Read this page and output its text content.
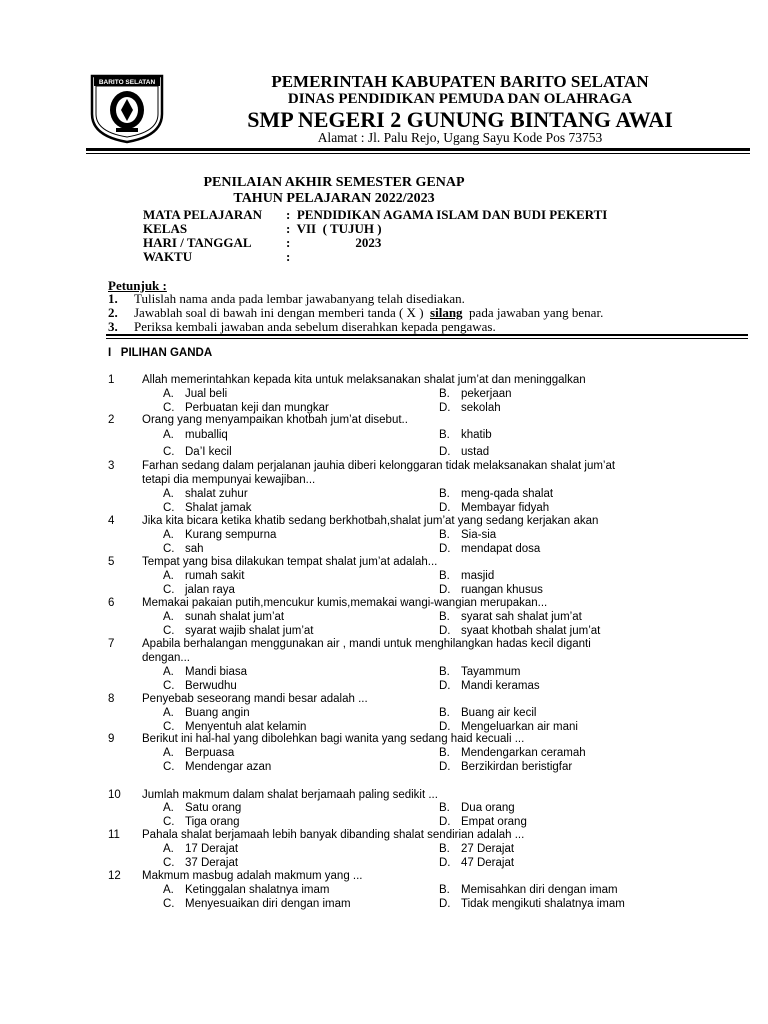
BARITO SELATAN	PEMERINTAH KABUPATEN BARITO SELATAN
DINAS PENDIDIKAN PEMUDA DAN OLAHRAGA
SMP NEGERI 2 GUNUNG BINTANG AWAI
Alamat : Jl. Palu Rejo, Ugang Sayu Kode Pos 73753
PENILAIAN AKHIR SEMESTER GENAP
TAHUN PELAJARAN 2022/2023
MATA PELAJARAN :  PENDIDIKAN AGAMA ISLAM DAN BUDI PEKERTI
KELAS	:  VII  ( TUJUH )
HARI / TANGGAL	:                    2023
WAKTU	:
Petunjuk :
1. Tulislah nama anda pada lembar jawabanyang telah disediakan.
2. Jawablah soal di bawah ini dengan memberi tanda ( X )  silang  pada jawaban yang benar.
3. Periksa kembali jawaban anda sebelum diserahkan kepada pengawas.
I   PILIHAN GANDA
1 Allah memerintahkan kepada kita untuk melaksanakan shalat jum’at dan meninggalkan
A. Jual beli	B. pekerjaan
C. Perbuatan keji dan mungkar	D. sekolah
2 Orang yang menyampaikan khotbah jum’at disebut..
A. muballiq	B. khatib
C. Da’I kecil	D. ustad
3 Farhan sedang dalam perjalanan jauhia diberi kelonggaran tidak melaksanakan shalat jum’at
tetapi dia mempunyai kewajiban...
A. shalat zuhur	B. meng-qada shalat
C. Shalat jamak	D. Membayar fidyah
4 Jika kita bicara ketika khatib sedang berkhotbah,shalat jum’at yang sedang kerjakan akan
A. Kurang sempurna	B. Sia-sia
C. sah	D. mendapat dosa
5 Tempat yang bisa dilakukan tempat shalat jum’at adalah...
A. rumah sakit	B. masjid
C. jalan raya	D. ruangan khusus
6 Memakai pakaian putih,mencukur kumis,memakai wangi-wangian merupakan...
A. sunah shalat jum’at	B. syarat sah shalat jum’at
C. syarat wajib shalat jum’at	D. syaat khotbah shalat jum’at
7 Apabila berhalangan menggunakan air , mandi untuk menghilangkan hadas kecil diganti
dengan...
A. Mandi biasa	B. Tayammum
C. Berwudhu	D. Mandi keramas
8 Penyebab seseorang mandi besar adalah ...
A. Buang angin	B. Buang air kecil
C. Menyentuh alat kelamin	D. Mengeluarkan air mani
9 Berikut ini hal-hal yang dibolehkan bagi wanita yang sedang haid kecuali ...
A. Berpuasa	B. Mendengarkan ceramah
C. Mendengar azan	D. Berzikirdan beristigfar
10 Jumlah makmum dalam shalat berjamaah paling sedikit ...
A. Satu orang	B. Dua orang
C. Tiga orang	D. Empat orang
11 Pahala shalat berjamaah lebih banyak dibanding shalat sendirian adalah ...
A. 17 Derajat	B. 27 Derajat
C. 37 Derajat	D. 47 Derajat
12 Makmum masbug adalah makmum yang ...
A. Ketinggalan shalatnya imam	B. Memisahkan diri dengan imam
C. Menyesuaikan diri dengan imam	D. Tidak mengikuti shalatnya imam
